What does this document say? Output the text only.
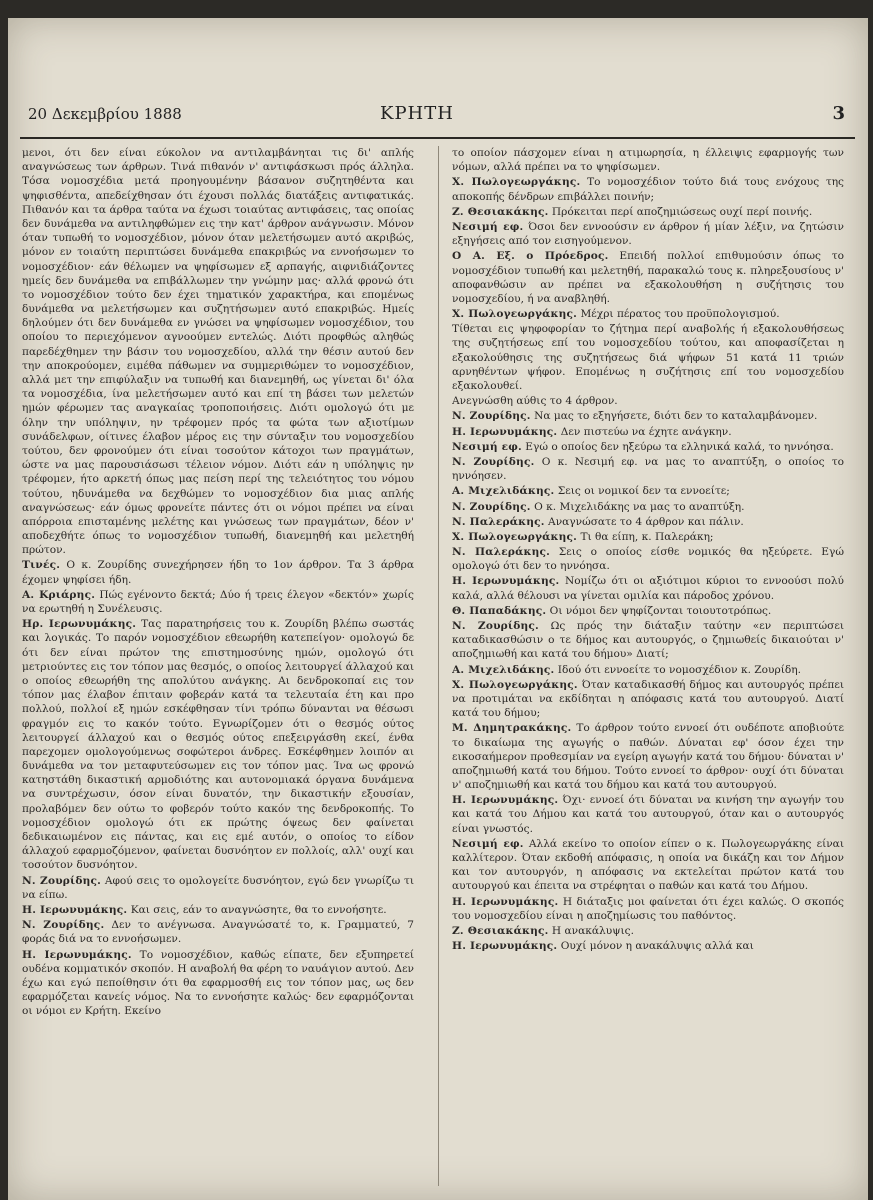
20 Δεκεμβρίου 1888	ΚΡΗΤΗ	3

μενοι, ότι δεν είναι εύκολον να αντιλαμβάνηται τις δι' απλής αναγνώσεως των άρθρων. Τινά πιθανόν ν' αντιφάσκωσι πρός άλληλα. Τόσα νομοσχέδια μετά προηγουμένην βάσανον συζητηθέντα και ψηφισθέντα, απεδείχθησαν ότι έχουσι πολλάς διατάξεις αντιφατικάς. Πιθανόν και τα άρθρα ταύτα να έχωσι τοιαύτας αντιφάσεις, τας οποίας δεν δυνάμεθα να αντιληφθώμεν εις την κατ' άρθρον ανάγνωσιν. Μόνον όταν τυπωθή το νομοσχέδιον, μόνον όταν μελετήσωμεν αυτό ακριβώς, μόνον εν τοιαύτη περιπτώσει δυνάμεθα επακριβώς να εννοήσωμεν το νομοσχέδιον· εάν θέλωμεν να ψηφίσωμεν εξ αρπαγής, αιφνιδιάζοντες ημείς δεν δυνάμεθα να επιβάλλωμεν την γνώμην μας· αλλά φρονώ ότι το νομοσχέδιον τούτο δεν έχει τηματικόν χαρακτήρα, και επομένως δυνάμεθα να μελετήσωμεν και συζητήσωμεν αυτό επακριβώς. Ημείς δηλούμεν ότι δεν δυνάμεθα εν γνώσει να ψηφίσωμεν νομοσχέδιον, του οποίου το περιεχόμενον αγνοούμεν εντελώς. Διότι προφθώς αληθώς παρεδέχθημεν την βάσιν του νομοσχεδίου, αλλά την θέσιν αυτού δεν την αποκρούομεν, ειμέθα πάθωμεν να συμμεριθώμεν το νομοσχέδιον, αλλά μετ την επιφύλαξιν να τυπωθή και διανεμηθή, ως γίνεται δι' όλα τα νομοσχέδια, ίνα μελετήσωμεν αυτό και επί τη βάσει των μελετών ημών φέρωμεν τας αναγκαίας τροποποιήσεις. Διότι ομολογώ ότι με όλην την υπόληψιν, ην τρέφομεν πρός τα φώτα των αξιοτίμων συνάδελφων, οίτινες έλαβον μέρος εις την σύνταξιν του νομοσχεδίου τούτου, δεν φρονούμεν ότι είναι τοσούτον κάτοχοι των πραγμάτων, ώστε να μας παρουσιάσωσι τέλειον νόμον. Διότι εάν η υπόληψις ην τρέφομεν, ήτο αρκετή όπως μας πείση περί της τελειότητος του νόμου τούτου, ηδυνάμεθα να δεχθώμεν το νομοσχέδιον δια μιας απλής αναγνώσεως· εάν όμως φρονείτε πάντες ότι οι νόμοι πρέπει να είναι απόρροια επισταμένης μελέτης και γνώσεως των πραγμάτων, δέον ν' αποδεχθήτε όπως το νομοσχέδιον τυπωθή, διανεμηθή και μελετηθή πρώτον.

Τινές. Ο κ. Ζουρίδης συνεχήρησεν ήδη το 1ον άρθρον. Τα 3 άρθρα έχομεν ψηφίσει ήδη.

Α. Κριάρης. Πώς εγένοντο δεκτά; Δύο ή τρεις έλεγον «δεκτόν» χωρίς να ερωτηθή η Συνέλευσις.

Ηρ. Ιερωνυμάκης. Τας παρατηρήσεις του κ. Ζουρίδη βλέπω σωστάς και λογικάς. Το παρόν νομοσχέδιον εθεωρήθη κατεπείγον· ομολογώ δε ότι δεν είναι πρώτον της επιστημοσύνης ημών, ομολογώ ότι μετριούντες εις τον τόπον μας θεσμός, ο οποίος λειτουργεί άλλαχού και ο οποίος εθεωρήθη της απολύτου ανάγκης. Αι δενδροκοπαί εις τον τόπον μας έλαβον έπιταιν φοβεράν κατά τα τελευταία έτη και προ πολλού, πολλοί εξ ημών εσκέφθησαν τίνι τρόπω δύνανται να θέσωσι φραγμόν εις το κακόν τούτο. Εγνωρίζομεν ότι ο θεσμός ούτος λειτουργεί άλλαχού και ο θεσμός ούτος επεξειργάσθη εκεί, ένθα παρεχομεν ομολογούμενως σοφώτεροι άνδρες. Εσκέφθημεν λοιπόν αι δυνάμεθα να τον μεταφυτεύσωμεν εις τον τόπον μας. Ίνα ως φρονώ κατηστάθη δικαστική αρμοδιότης και αυτονομιακά όργανα δυνάμενα να συντρέχωσιν, όσον είναι δυνατόν, την δικαστικήν εξουσίαν, προλαβόμεν δεν ούτω το φοβερόν τούτο κακόν της δενδροκοπής. Το νομοσχέδιον ομολογώ ότι εκ πρώτης όψεως δεν φαίνεται δεδικαιωμένον εις πάντας, και εις εμέ αυτόν, ο οποίος το είδον άλλαχού εφαρμοζόμενον, φαίνεται δυσνόητον εν πολλοίς, αλλ' ουχί και τοσούτον δυσνόητον.

Ν. Ζουρίδης. Αφού σεις το ομολογείτε δυσνόητον, εγώ δεν γνωρίζω τι να είπω.

Η. Ιερωνυμάκης. Και σεις, εάν το αναγνώσητε, θα το εννοήσητε.

Ν. Ζουρίδης. Δεν το ανέγνωσα. Αναγνώσατέ το, κ. Γραμματεύ, 7 φοράς διά να το εννοήσωμεν.

Η. Ιερωνυμάκης. Το νομοσχέδιον, καθώς είπατε, δεν εξυπηρετεί ουδένα κομματικόν σκοπόν. Η αναβολή θα φέρη το ναυάγιον αυτού. Δεν έχω και εγώ πεποίθησιν ότι θα εφαρμοσθή εις τον τόπον μας, ως δεν εφαρμόζεται κανείς νόμος. Να το εννοήσητε καλώς· δεν εφαρμόζονται οι νόμοι εν Κρήτη. Εκείνο

το οποίον πάσχομεν είναι η ατιμωρησία, η έλλειψις εφαρμογής των νόμων, αλλά πρέπει να το ψηφίσωμεν.

Χ. Πωλογεωργάκης. Το νομοσχέδιον τούτο διά τους ενόχους της αποκοπής δένδρων επιβάλλει ποινήν;

Ζ. Θεσιακάκης. Πρόκειται περί αποζημιώσεως ουχί περί ποινής.

Νεσιμή εφ. Όσοι δεν εννοούσιν εν άρθρον ή μίαν λέξιν, να ζητώσιν εξηγήσεις από τον εισηγούμενον.

Ο Α. Εξ. ο Πρόεδρος. Επειδή πολλοί επιθυμούσιν όπως το νομοσχέδιον τυπωθή και μελετηθή, παρακαλώ τους κ. πληρεξουσίους ν' αποφανθώσιν αν πρέπει να εξακολουθήση η συζήτησις του νομοσχεδίου, ή να αναβληθή.

Χ. Πωλογεωργάκης. Μέχρι πέρατος του προϋπολογισμού.

Τίθεται εις ψηφοφορίαν το ζήτημα περί αναβολής ή εξακολουθήσεως της συζητήσεως επί του νομοσχεδίου τούτου, και αποφασίζεται η εξακολούθησις της συζητήσεως διά ψήφων 51 κατά 11 τριών αρνηθέντων ψήφον. Επομένως η συζήτησις επί του νομοσχεδίου εξακολουθεί.

Ανεγνώσθη αύθις το 4 άρθρον.

Ν. Ζουρίδης. Να μας το εξηγήσετε, διότι δεν το καταλαμβάνομεν.

Η. Ιερωνυμάκης. Δεν πιστεύω να έχητε ανάγκην.

Νεσιμή εφ. Εγώ ο οποίος δεν ηξεύρω τα ελληνικά καλά, το ηννόησα.

Ν. Ζουρίδης. Ο κ. Νεσιμή εφ. να μας το αναπτύξη, ο οποίος το ηννόησεν.

Α. Μιχελιδάκης. Σεις οι νομικοί δεν τα εννοείτε;

Ν. Ζουρίδης. Ο κ. Μιχελιδάκης να μας το αναπτύξη.

Ν. Παλεράκης. Αναγνώσατε το 4 άρθρον και πάλιν.

Χ. Πωλογεωργάκης. Τι θα είπη, κ. Παλεράκη;

Ν. Παλεράκης. Σεις ο οποίος είσθε νομικός θα ηξεύρετε. Εγώ ομολογώ ότι δεν το ηννόησα.

Η. Ιερωνυμάκης. Νομίζω ότι οι αξιότιμοι κύριοι το εννοούσι πολύ καλά, αλλά θέλουσι να γίνεται ομιλία και πάροδος χρόνου.

Θ. Παπαδάκης. Οι νόμοι δεν ψηφίζονται τοιουτοτρόπως.

Ν. Ζουρίδης. Ως πρός την διάταξιν ταύτην «εν περιπτώσει καταδικασθώσιν ο τε δήμος και αυτουργός, ο ζημιωθείς δικαιούται ν' αποζημιωθή και κατά του δήμου» Διατί;

Α. Μιχελιδάκης. Ιδού ότι εννοείτε το νομοσχέδιον κ. Ζουρίδη.

Χ. Πωλογεωργάκης. Όταν καταδικασθή δήμος και αυτουργός πρέπει να προτιμάται να εκδίδηται η απόφασις κατά του αυτουργού. Διατί κατά του δήμου;

Μ. Δημητρακάκης. Το άρθρον τούτο εννοεί ότι ουδέποτε αποβιούτε το δικαίωμα της αγωγής ο παθών. Δύναται εφ' όσον έχει την εικοσαήμερον προθεσμίαν να εγείρη αγωγήν κατά του δήμου· δύναται ν' αποζημιωθή κατά του δήμου. Τούτο εννοεί το άρθρον· ουχί ότι δύναται ν' αποζημιωθή και κατά του δήμου και κατά του αυτουργού.

Η. Ιερωνυμάκης. Όχι· εννοεί ότι δύναται να κινήση την αγωγήν του και κατά του Δήμου και κατά του αυτουργού, όταν και ο αυτουργός είναι γνωστός.

Νεσιμή εφ. Αλλά εκείνο το οποίον είπεν ο κ. Πωλογεωργάκης είναι καλλίτερον. Όταν εκδοθή απόφασις, η οποία να δικάζη και τον Δήμον και τον αυτουργόν, η απόφασις να εκτελείται πρώτον κατά του αυτουργού και έπειτα να στρέφηται ο παθών και κατά του Δήμου.

Η. Ιερωνυμάκης. Η διάταξις μοι φαίνεται ότι έχει καλώς. Ο σκοπός του νομοσχεδίου είναι η αποζημίωσις του παθόντος.

Ζ. Θεσιακάκης. Η ανακάλυψις.

Η. Ιερωνυμάκης. Ουχί μόνον η ανακάλυψις αλλά και
